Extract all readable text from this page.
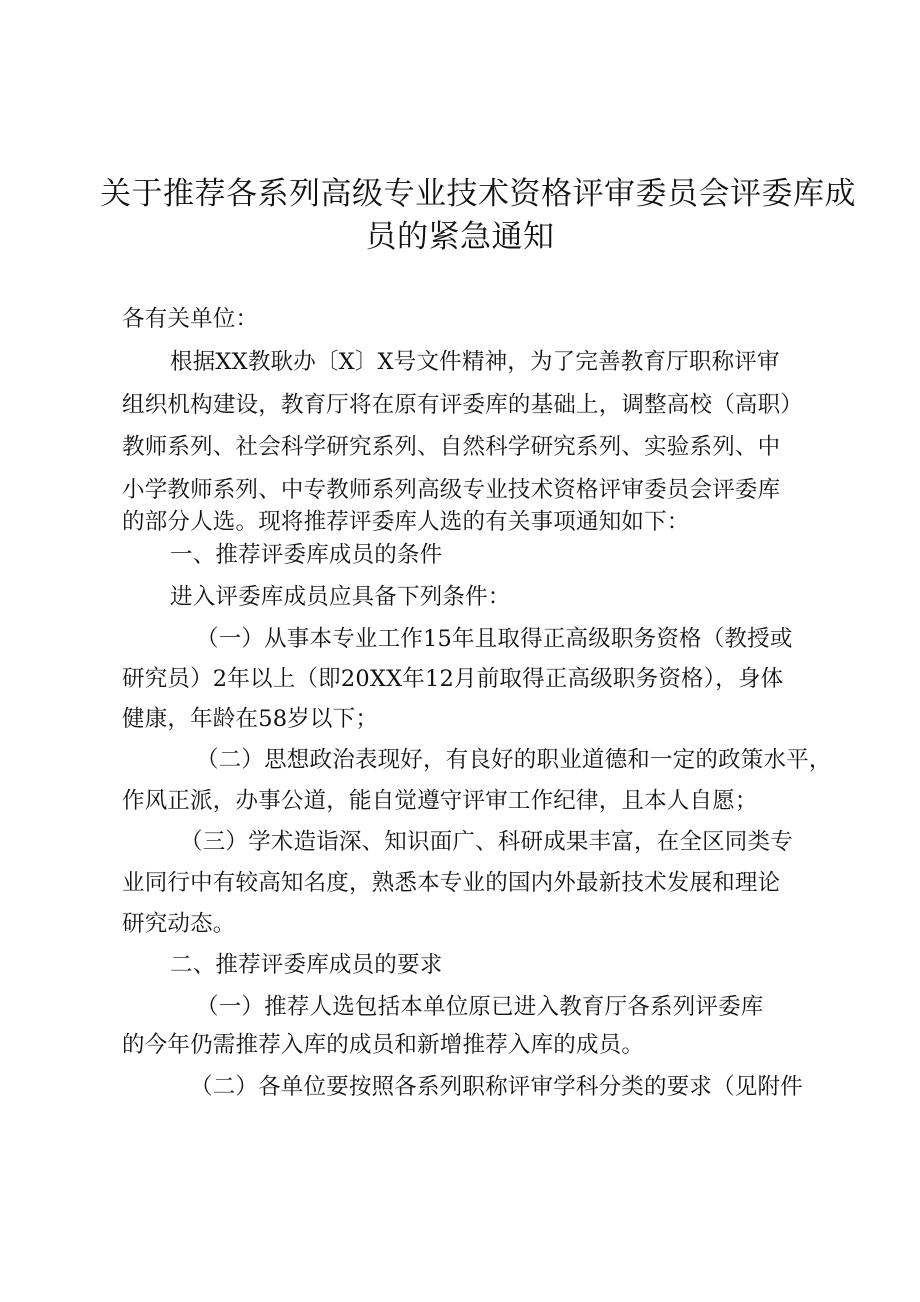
关于推荐各系列高级专业技术资格评审委员会评委库成
员的紧急通知
各有关单位：
根据XX教耿办〔X〕X号文件精神，为了完善教育厅职称评审
组织机构建设，教育厅将在原有评委库的基础上，调整高校（高职）
教师系列、社会科学研究系列、自然科学研究系列、实验系列、中
小学教师系列、中专教师系列高级专业技术资格评审委员会评委库
的部分人选。现将推荐评委库人选的有关事项通知如下：
一、推荐评委库成员的条件
进入评委库成员应具备下列条件：
（一）从事本专业工作15年且取得正高级职务资格（教授或
研究员）2年以上（即20XX年12月前取得正高级职务资格），身体
健康，年龄在58岁以下；
（二）思想政治表现好，有良好的职业道德和一定的政策水平，
作风正派，办事公道，能自觉遵守评审工作纪律，且本人自愿；
（三）学术造诣深、知识面广、科研成果丰富，在全区同类专
业同行中有较高知名度，熟悉本专业的国内外最新技术发展和理论
研究动态。
二、推荐评委库成员的要求
（一）推荐人选包括本单位原已进入教育厅各系列评委库
的今年仍需推荐入库的成员和新增推荐入库的成员。
（二）各单位要按照各系列职称评审学科分类的要求（见附件
